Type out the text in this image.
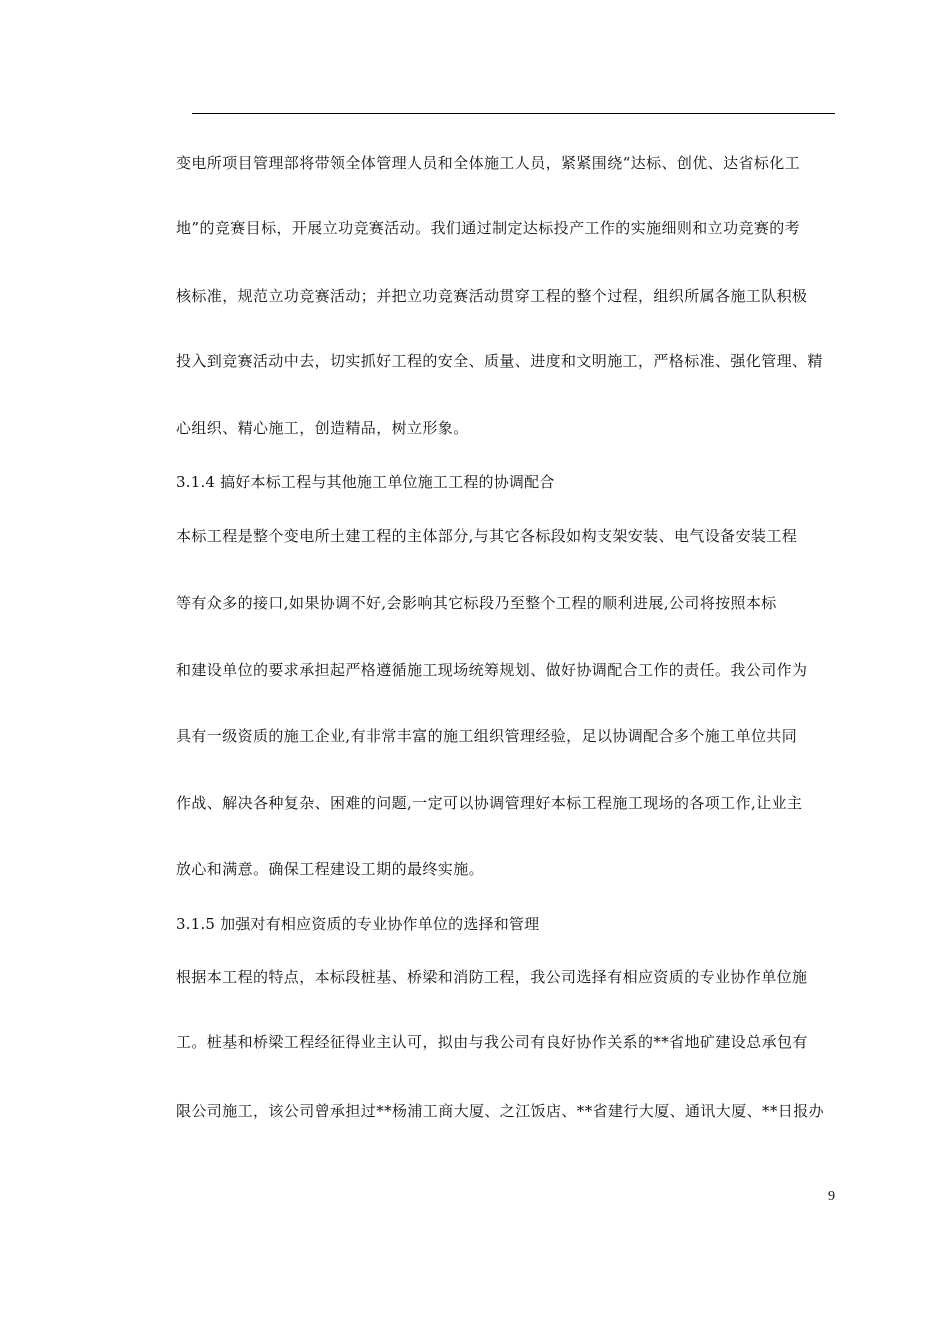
变电所项目管理部将带领全体管理人员和全体施工人员，紧紧围绕“达标、创优、达省标化工
地”的竞赛目标，开展立功竞赛活动。我们通过制定达标投产工作的实施细则和立功竞赛的考
核标准，规范立功竞赛活动；并把立功竞赛活动贯穿工程的整个过程，组织所属各施工队积极
投入到竞赛活动中去，切实抓好工程的安全、质量、进度和文明施工，严格标准、强化管理、精
心组织、精心施工，创造精品，树立形象。
3.1.4 搞好本标工程与其他施工单位施工工程的协调配合
本标工程是整个变电所土建工程的主体部分,与其它各标段如构支架安装、电气设备安装工程
等有众多的接口,如果协调不好,会影响其它标段乃至整个工程的顺利进展,公司将按照本标
和建设单位的要求承担起严格遵循施工现场统筹规划、做好协调配合工作的责任。我公司作为
具有一级资质的施工企业,有非常丰富的施工组织管理经验，足以协调配合多个施工单位共同
作战、解决各种复杂、困难的问题,一定可以协调管理好本标工程施工现场的各项工作,让业主
放心和满意。确保工程建设工期的最终实施。
3.1.5 加强对有相应资质的专业协作单位的选择和管理
根据本工程的特点，本标段桩基、桥梁和消防工程，我公司选择有相应资质的专业协作单位施
工。桩基和桥梁工程经征得业主认可，拟由与我公司有良好协作关系的**省地矿建设总承包有
限公司施工，该公司曾承担过**杨浦工商大厦、之江饭店、**省建行大厦、通讯大厦、**日报办
9
